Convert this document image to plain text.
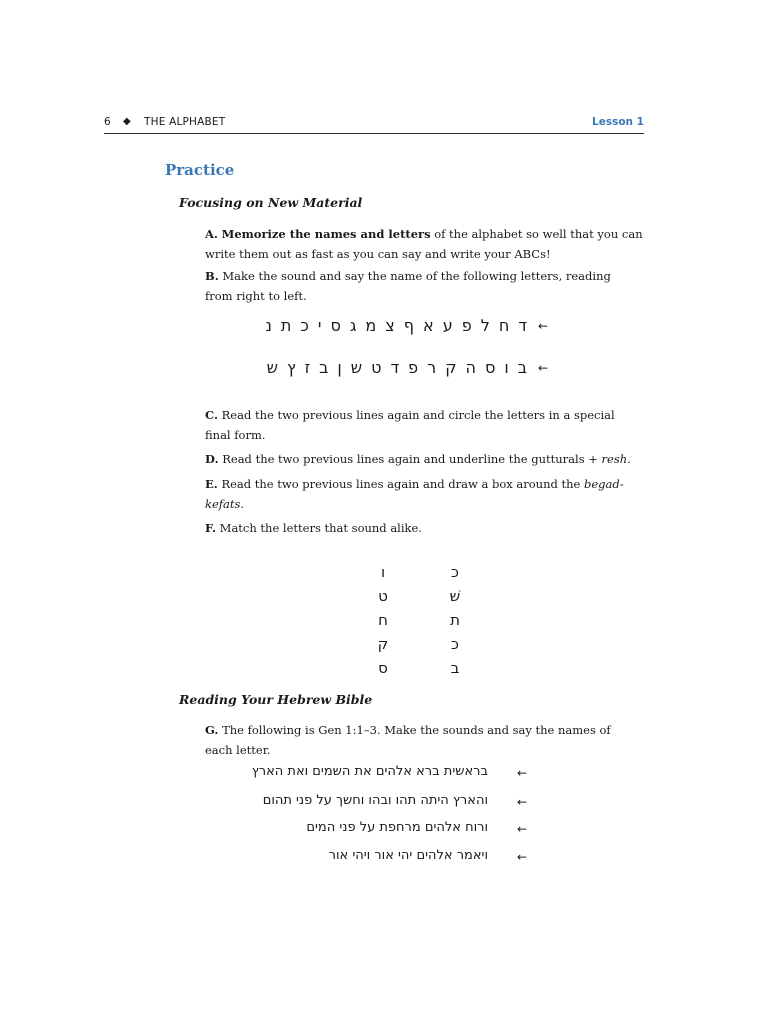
6 ◆ THE ALPHABET	Lesson 1
Practice
Focusing on New Material
A. Memorize the names and letters of the alphabet so well that you can
write them out as fast as you can say and write your ABCs!
B. Make the sound and say the name of the following letters, reading
from right to left.
דחלפעאףצמגסיכתנ ←
בוסהקרפדטשןבזץש ←
C. Read the two previous lines again and circle the letters in a special
final form.
D. Read the two previous lines again and underline the gutturals + resh.
E. Read the two previous lines again and draw a box around the begad-
kefats.
F. Match the letters that sound alike.
ו
ט
ח
ק
ס
כ
שׁ
ת
כ
ב
Reading Your Hebrew Bible
G. The following is Gen 1:1–3. Make the sounds and say the names of
each letter.
בראשית ברא אלהים את השמים ואת הארץ ←
והארץ היתה תהו ובהו וחשך על פני תהום ←
ורוח אלהים מרחפת על פני המים ←
ויאמר אלהים יהי אור ויהי אור ←
